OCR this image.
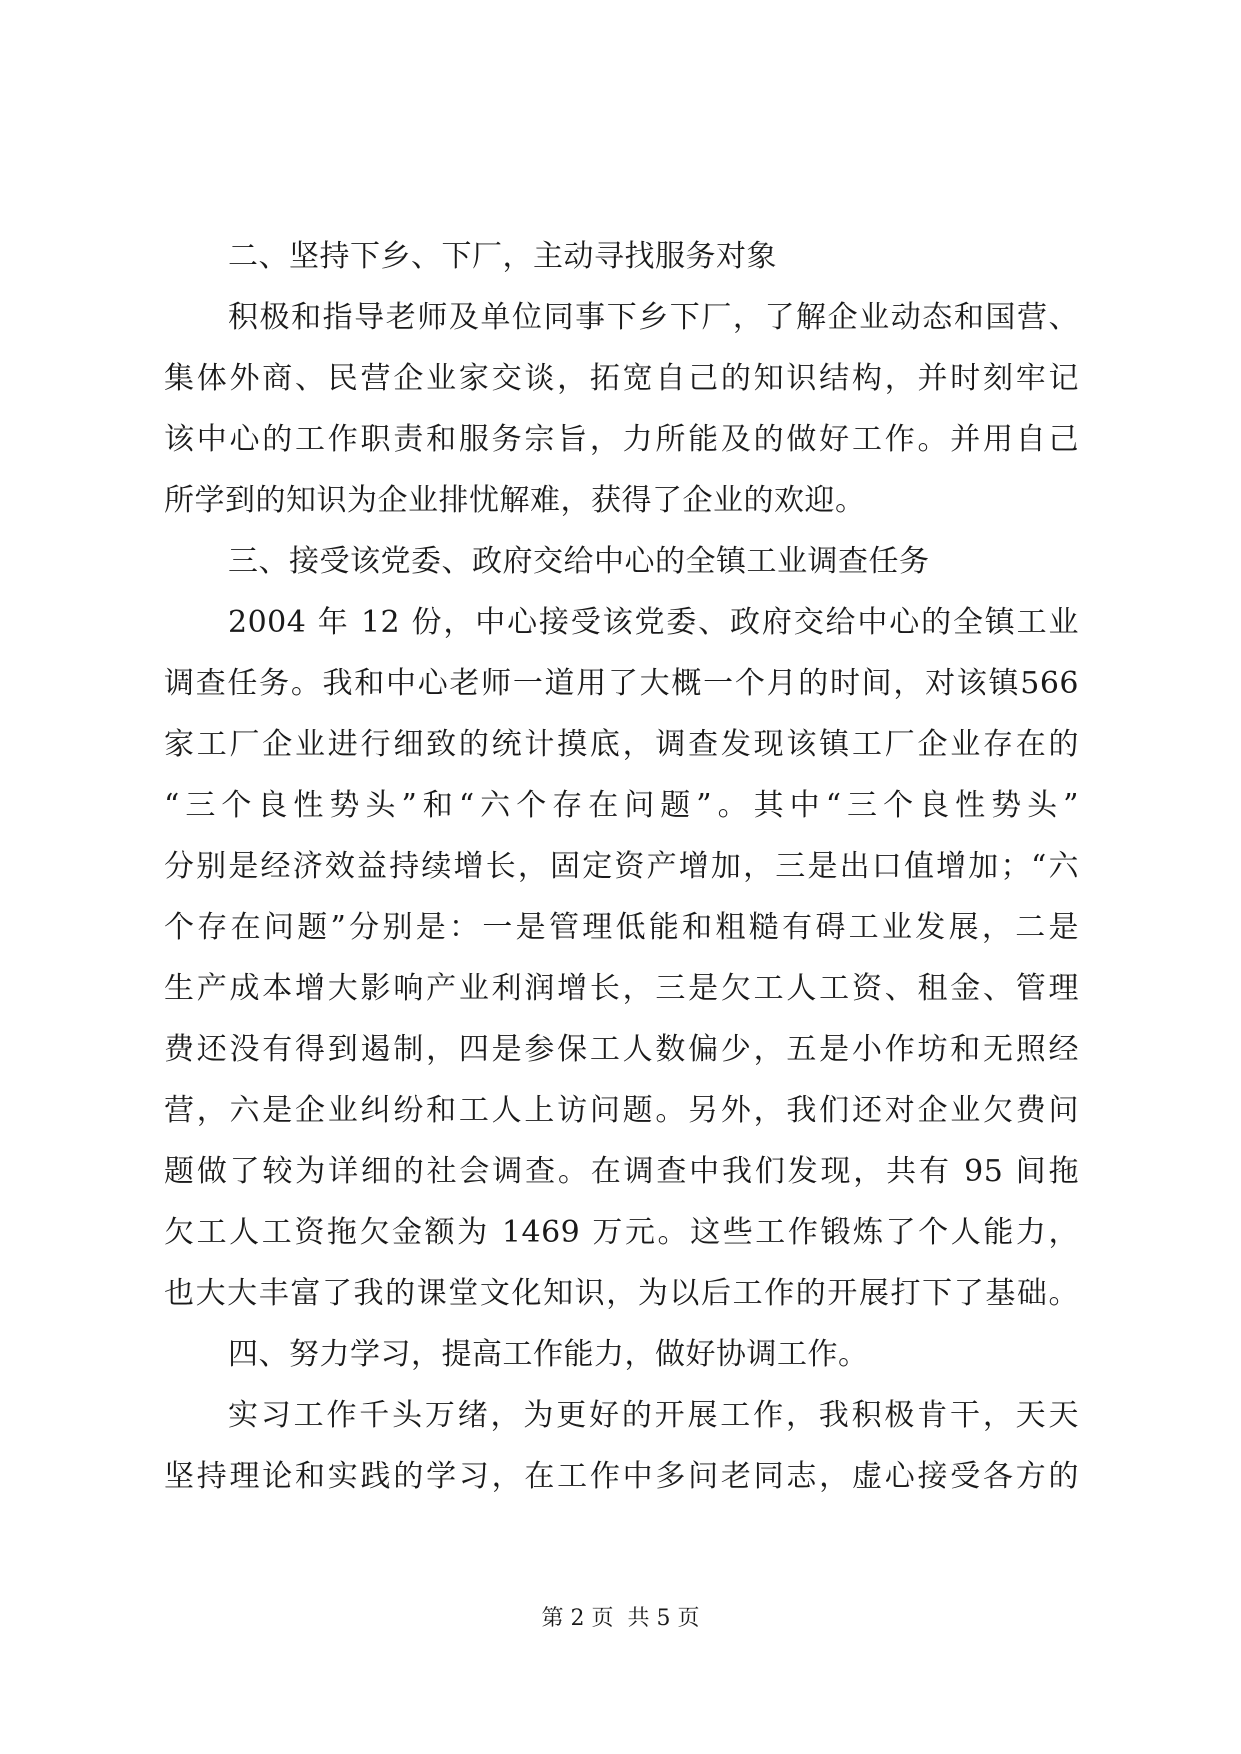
二、坚持下乡、下厂，主动寻找服务对象
积极和指导老师及单位同事下乡下厂，了解企业动态和国营、
集体外商、民营企业家交谈，拓宽自己的知识结构，并时刻牢记
该中心的工作职责和服务宗旨，力所能及的做好工作。并用自己
所学到的知识为企业排忧解难，获得了企业的欢迎。
三、接受该党委、政府交给中心的全镇工业调查任务
2004 年 12 份，中心接受该党委、政府交给中心的全镇工业
调查任务。我和中心老师一道用了大概一个月的时间，对该镇566
家工厂企业进行细致的统计摸底，调查发现该镇工厂企业存在的
“三个良性势头”和“六个存在问题”。其中“三个良性势头”
分别是经济效益持续增长，固定资产增加，三是出口值增加；“六
个存在问题”分别是：一是管理低能和粗糙有碍工业发展，二是
生产成本增大影响产业利润增长，三是欠工人工资、租金、管理
费还没有得到遏制，四是参保工人数偏少，五是小作坊和无照经
营，六是企业纠纷和工人上访问题。另外，我们还对企业欠费问
题做了较为详细的社会调查。在调查中我们发现，共有 95 间拖
欠工人工资拖欠金额为 1469 万元。这些工作锻炼了个人能力，
也大大丰富了我的课堂文化知识，为以后工作的开展打下了基础。
四、努力学习，提高工作能力，做好协调工作。
实习工作千头万绪，为更好的开展工作，我积极肯干，天天
坚持理论和实践的学习，在工作中多问老同志，虚心接受各方的
第 2 页  共 5 页
